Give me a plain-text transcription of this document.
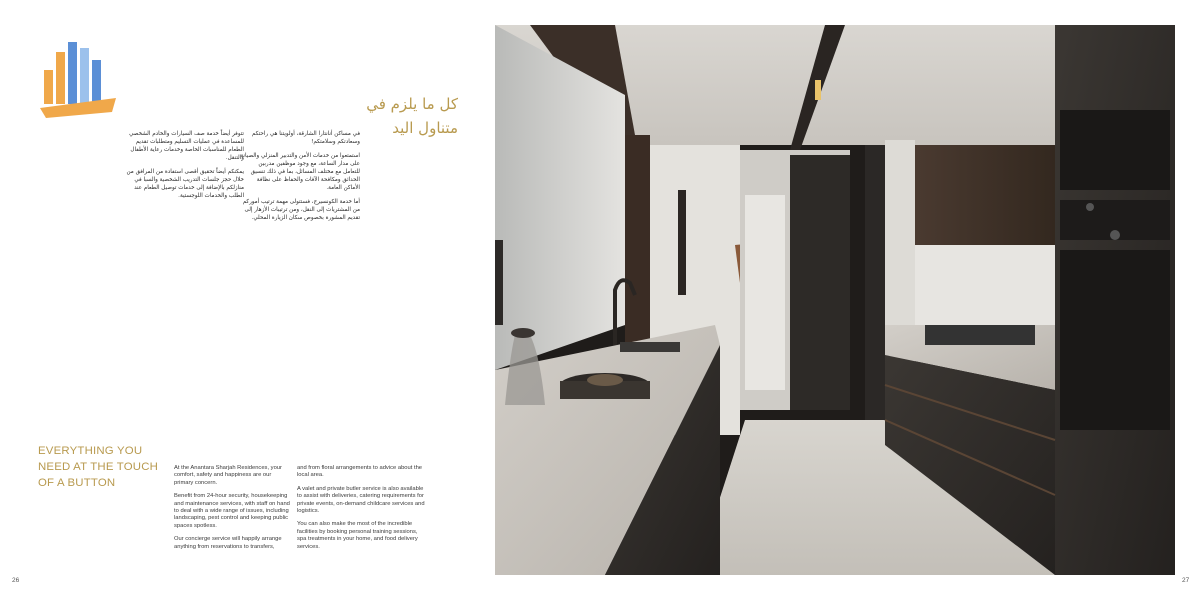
كل ما يلزم في متناول اليد

في مساكن أنانتارا الشارقة، أولويتنا هي راحتكم وسعادتكم وسلامتكم!

استمتعوا من خدمات الأمن والتدبير المنزلي والصيانة على مدار الساعة، مع وجود موظفين مدربين للتعامل مع مختلف المسائل، بما في ذلك تنسيق الحدائق ومكافحة الآفات والحفاظ على نظافة الأماكن العامة.

أما خدمة الكونسيرج، فستتولى مهمة ترتيب أموركم من المشتريات إلى النقل، ومن ترتيبات الأزهار إلى تقديم المشورة بخصوص سكان الزيارة المحلي.

تتوفر أيضاً خدمة صف السيارات والخادم الشخصي للمساعدة في عمليات التسليم ومتطلبات تقديم الطعام للمناسبات الخاصة وخدمات رعاية الأطفال والتنقل.

يمكنكم أيضاً تحقيق أقصى استفادة من المرافق من خلال حجز جلسات التدريب الشخصية والسبا في منازلكم بالإضافة إلى خدمات توصيل الطعام عند الطلب والخدمات اللوجستية.

EVERYTHING YOU NEED AT THE TOUCH OF A BUTTON

At the Anantara Sharjah Residences, your comfort, safety and happiness are our primary concern.

Benefit from 24-hour security, housekeeping and maintenance services, with staff on hand to deal with a wide range of issues, including landscaping, pest control and keeping public spaces spotless.

Our concierge service will happily arrange anything from reservations to transfers,

and from floral arrangements to advice about the local area.

A valet and private butler service is also available to assist with deliveries, catering requirements for private events, on-demand childcare services and logistics.

You can also make the most of the incredible facilities by booking personal training sessions, spa treatments in your home, and food delivery services.

26	27
